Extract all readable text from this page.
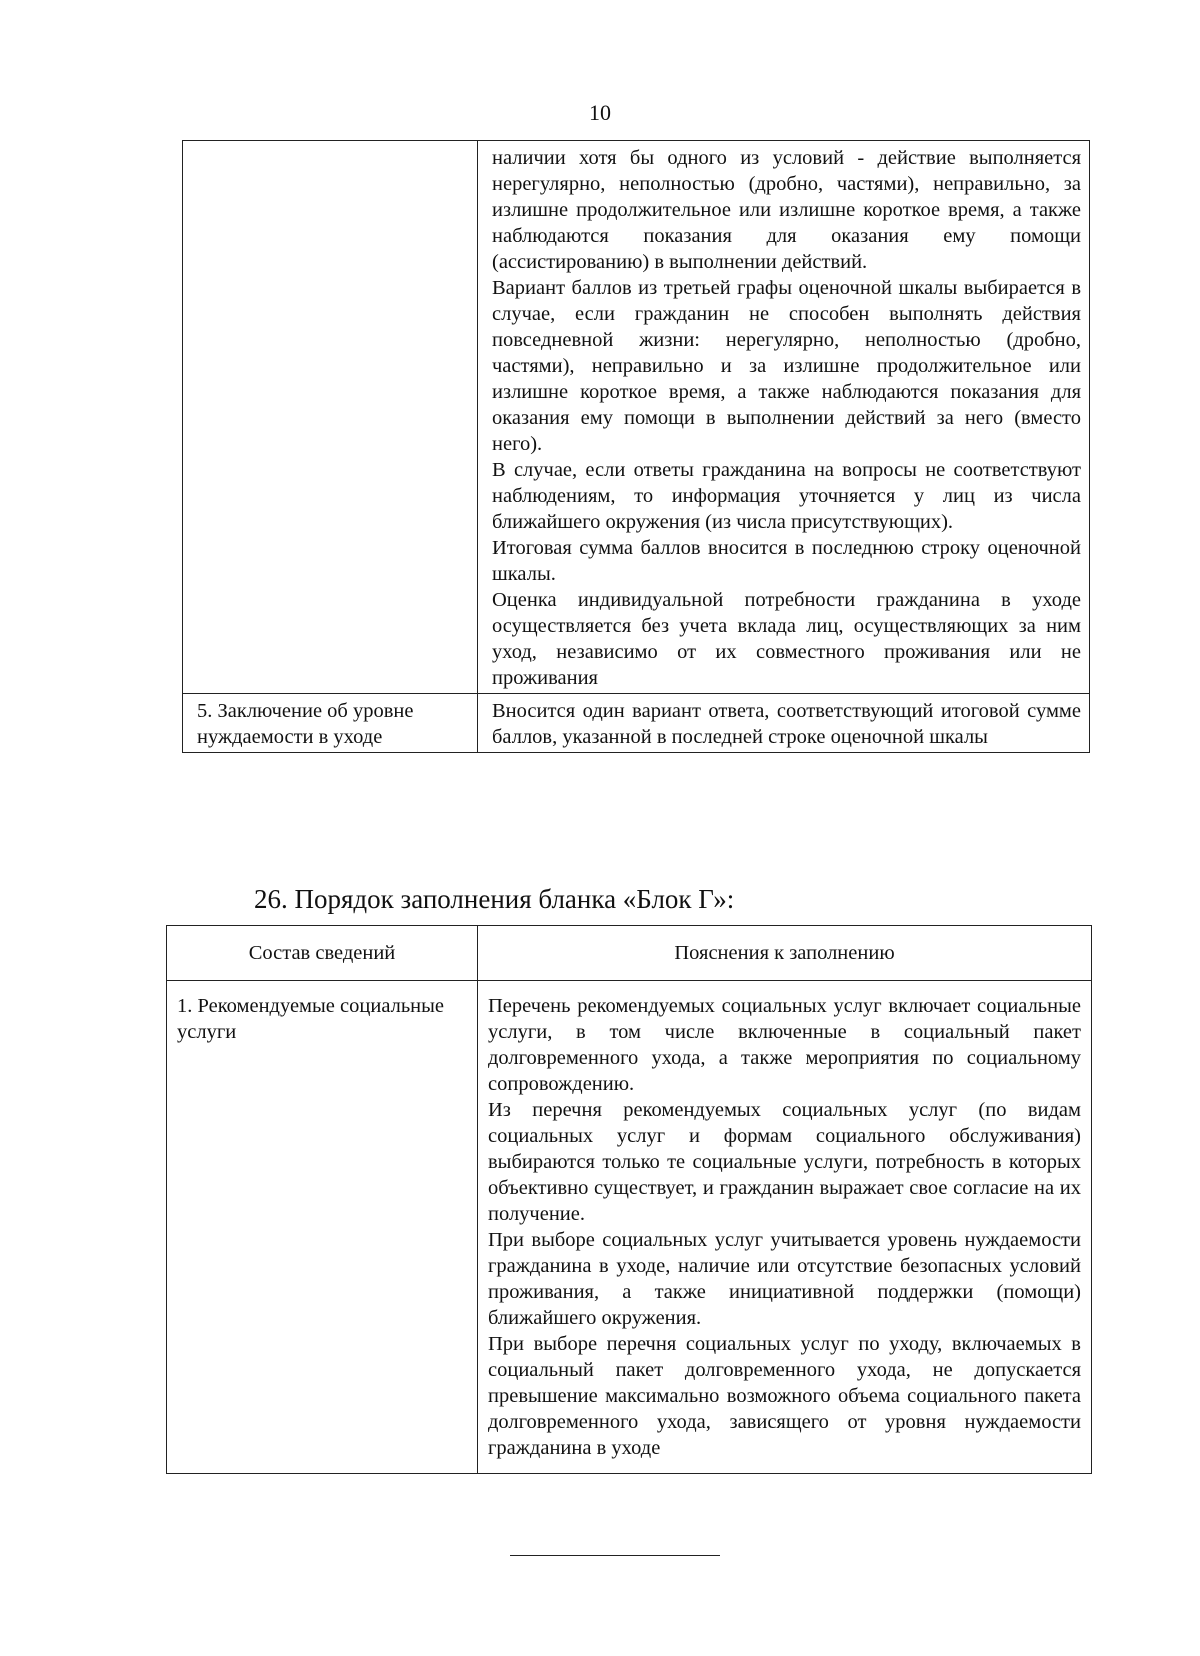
10

	наличии хотя бы одного из условий - действие выполняется нерегулярно, неполностью (дробно, частями), неправильно, за излишне продолжительное или излишне короткое время, а также наблюдаются показания для оказания ему помощи (ассистированию) в выполнении действий.
Вариант баллов из третьей графы оценочной шкалы выбирается в случае, если гражданин не способен выполнять действия повседневной жизни: нерегулярно, неполностью (дробно, частями), неправильно и за излишне продолжительное или излишне короткое время, а также наблюдаются показания для оказания ему помощи в выполнении действий за него (вместо него).
В случае, если ответы гражданина на вопросы не соответствуют наблюдениям, то информация уточняется у лиц из числа ближайшего окружения (из числа присутствующих).
Итоговая сумма баллов вносится в последнюю строку оценочной шкалы.
Оценка индивидуальной потребности гражданина в уходе осуществляется без учета вклада лиц, осуществляющих за ним уход, независимо от их совместного проживания или не проживания

5. Заключение об уровне нуждаемости в уходе	Вносится один вариант ответа, соответствующий итоговой сумме баллов, указанной в последней строке оценочной шкалы
26. Порядок заполнения бланка «Блок Г»:
Состав сведений	Пояснения к заполнению
1. Рекомендуемые социальные услуги	Перечень рекомендуемых социальных услуг включает социальные услуги, в том числе включенные в социальный пакет долговременного ухода, а также мероприятия по социальному сопровождению.
Из перечня рекомендуемых социальных услуг (по видам социальных услуг и формам социального обслуживания) выбираются только те социальные услуги, потребность в которых объективно существует, и гражданин выражает свое согласие на их получение.
При выборе социальных услуг учитывается уровень нуждаемости гражданина в уходе, наличие или отсутствие безопасных условий проживания, а также инициативной поддержки (помощи) ближайшего окружения.
При выборе перечня социальных услуг по уходу, включаемых в социальный пакет долговременного ухода, не допускается превышение максимально возможного объема социального пакета долговременного ухода, зависящего от уровня нуждаемости гражданина в уходе
